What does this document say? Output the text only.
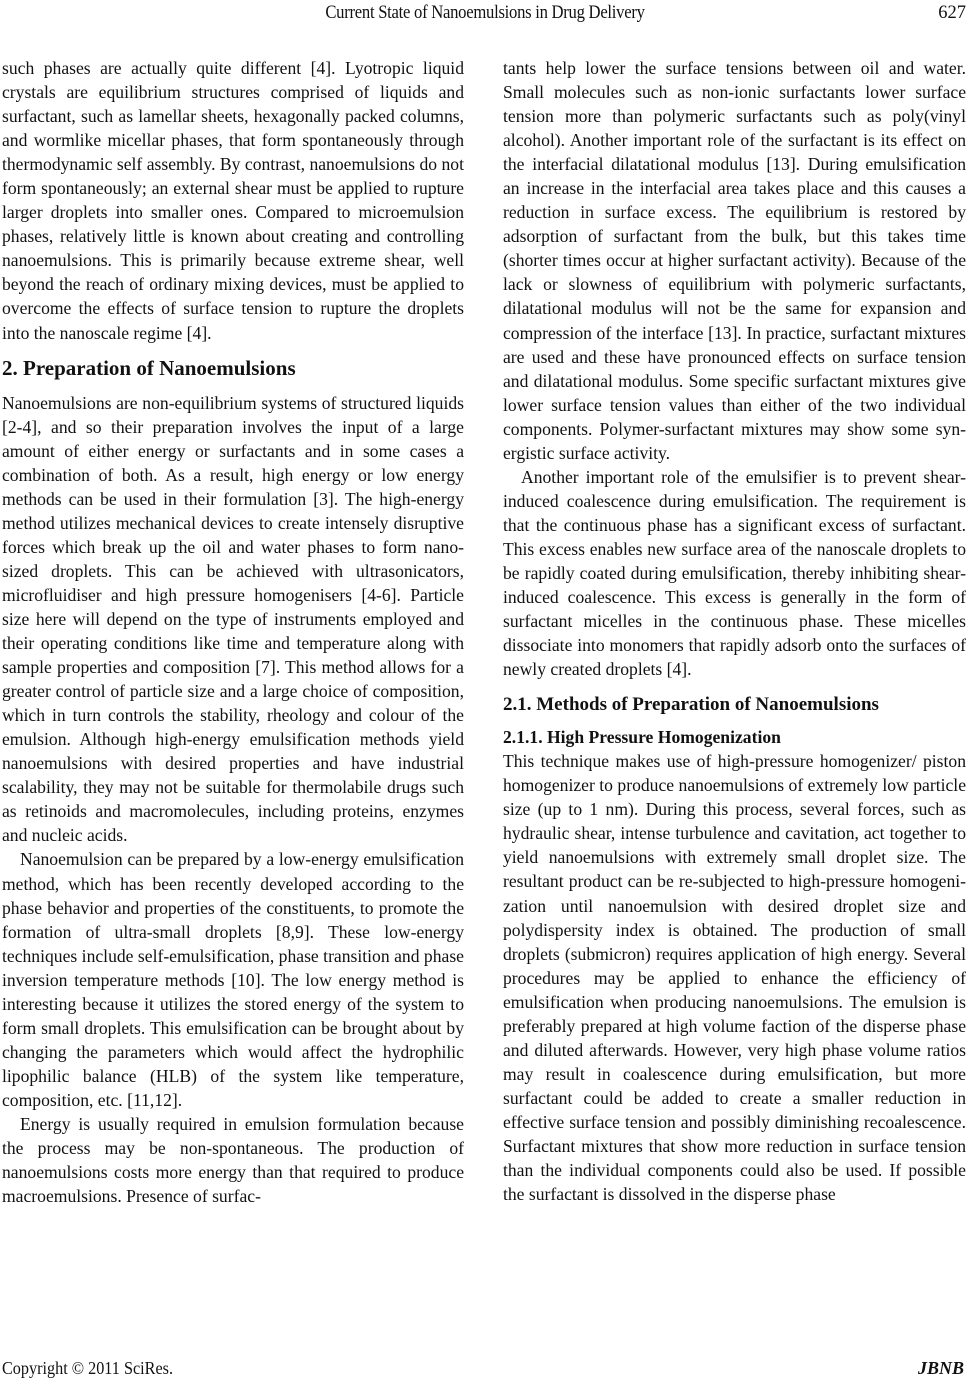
Current State of Nanoemulsions in Drug Delivery	627

such phases are actually quite different [4]. Lyotropic liquid crystals are equilibrium structures comprised of liquids and surfactant, such as lamellar sheets, hexagonally packed columns, and wormlike micellar phases, that form spontaneously through thermodynamic self assembly. By contrast, nanoemulsions do not form spontaneously; an external shear must be applied to rupture larger droplets into smaller ones. Compared to microemulsion phases, relatively little is known about creating and controlling nanoemulsions. This is primarily because extreme shear, well beyond the reach of ordinary mixing devices, must be applied to overcome the effects of surface tension to rupture the droplets into the nanoscale regime [4].

2. Preparation of Nanoemulsions

Nanoemulsions are non-equilibrium systems of structured liquids [2-4], and so their preparation involves the input of a large amount of either energy or surfactants and in some cases a combination of both. As a result, high energy or low energy methods can be used in their formulation [3]. The high-energy method utilizes mechanical devices to create intensely disruptive forces which break up the oil and water phases to form nano-sized droplets. This can be achieved with ultrasonicators, microfluidiser and high pressure homogenisers [4-6]. Particle size here will depend on the type of instruments employed and their operating conditions like time and temperature along with sample properties and composition [7]. This method allows for a greater control of particle size and a large choice of composition, which in turn controls the stability, rheology and colour of the emulsion. Although high-energy emulsification methods yield nanoemulsions with desired properties and have industrial scalability, they may not be suitable for thermolabile drugs such as retinoids and macromolecules, including proteins, enzymes and nucleic acids.

Nanoemulsion can be prepared by a low-energy emulsification method, which has been recently developed according to the phase behavior and properties of the constituents, to promote the formation of ultra-small droplets [8,9]. These low-energy techniques include self-emulsification, phase transition and phase inversion temperature methods [10]. The low energy method is interesting because it utilizes the stored energy of the system to form small droplets. This emulsification can be brought about by changing the parameters which would affect the hydrophilic lipophilic balance (HLB) of the system like temperature, composition, etc. [11,12].

Energy is usually required in emulsion formulation because the process may be non-spontaneous. The production of nanoemulsions costs more energy than that required to produce macroemulsions. Presence of surfac-

tants help lower the surface tensions between oil and water. Small molecules such as non-ionic surfactants lower surface tension more than polymeric surfactants such as poly(vinyl alcohol). Another important role of the surfactant is its effect on the interfacial dilatational modulus [13]. During emulsification an increase in the interfacial area takes place and this causes a reduction in surface excess. The equilibrium is restored by adsorption of surfactant from the bulk, but this takes time (shorter times occur at higher surfactant activity). Because of the lack or slowness of equilibrium with polymeric surfactants, dilatational modulus will not be the same for expansion and compression of the interface [13]. In practice, surfactant mixtures are used and these have pronounced effects on surface tension and dilatational modulus. Some specific surfactant mixtures give lower surface tension values than either of the two individual components. Polymer-surfactant mixtures may show some synergistic surface activity.

Another important role of the emulsifier is to prevent shear-induced coalescence during emulsification. The requirement is that the continuous phase has a significant excess of surfactant. This excess enables new surface area of the nanoscale droplets to be rapidly coated during emulsification, thereby inhibiting shear-induced coalescence. This excess is generally in the form of surfactant micelles in the continuous phase. These micelles dissociate into monomers that rapidly adsorb onto the surfaces of newly created droplets [4].

2.1. Methods of Preparation of Nanoemulsions
2.1.1. High Pressure Homogenization

This technique makes use of high-pressure homogenizer/ piston homogenizer to produce nanoemulsions of extremely low particle size (up to 1 nm). During this process, several forces, such as hydraulic shear, intense turbulence and cavitation, act together to yield nanoemulsions with extremely small droplet size. The resultant product can be re-subjected to high-pressure homogenization until nanoemulsion with desired droplet size and polydispersity index is obtained. The production of small droplets (submicron) requires application of high energy. Several procedures may be applied to enhance the efficiency of emulsification when producing nanoemulsions. The emulsion is preferably prepared at high volume faction of the disperse phase and diluted afterwards. However, very high phase volume ratios may result in coalescence during emulsification, but more surfactant could be added to create a smaller reduction in effective surface tension and possibly diminishing recoalescence. Surfactant mixtures that show more reduction in surface tension than the individual components could also be used. If possible the surfactant is dissolved in the disperse phase

Copyright © 2011 SciRes.	JBNB
